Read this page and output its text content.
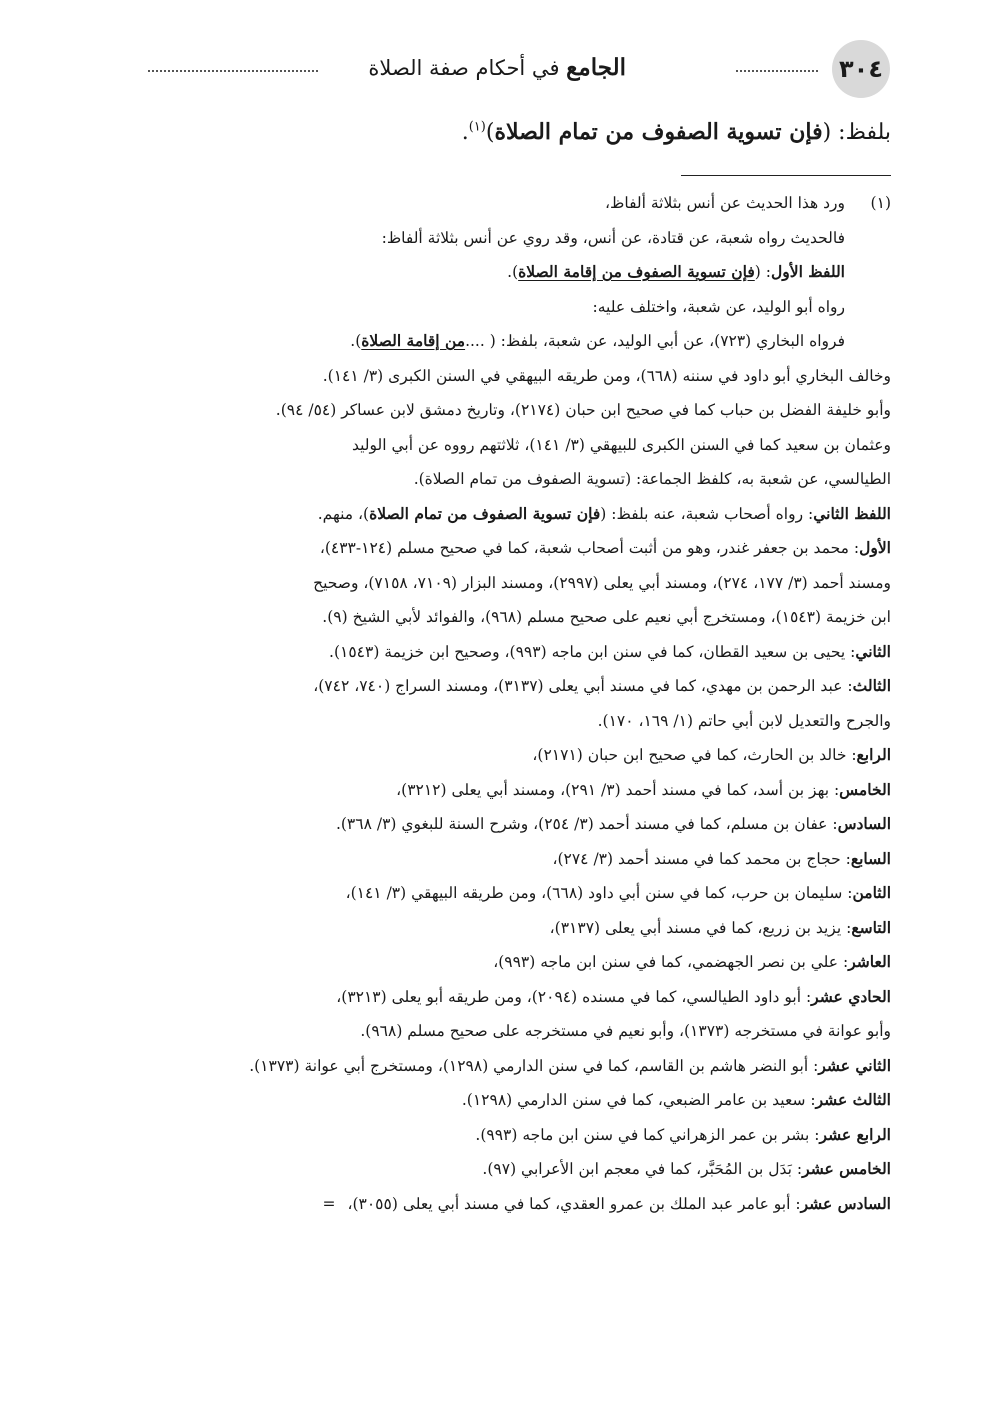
٣٠٤
الجامع في أحكام صفة الصلاة
بلفظ: (فإن تسوية الصفوف من تمام الصلاة)$^{(١)}$.
(١)ورد هذا الحديث عن أنس بثلاثة ألفاظ،
فالحديث رواه شعبة، عن قتادة، عن أنس، وقد روي عن أنس بثلاثة ألفاظ:
اللفظ الأول: (فإن تسوية الصفوف من إقامة الصلاة).
رواه أبو الوليد، عن شعبة، واختلف عليه:
فرواه البخاري (٧٢٣)، عن أبي الوليد، عن شعبة، بلفظ: ( ....من إقامة الصلاة).
وخالف البخاري أبو داود في سننه (٦٦٨)، ومن طريقه البيهقي في السنن الكبرى (٣/ ١٤١).
وأبو خليفة الفضل بن حباب كما في صحيح ابن حبان (٢١٧٤)، وتاريخ دمشق لابن عساكر (٥٤/ ٩٤).
وعثمان بن سعيد كما في السنن الكبرى للبيهقي (٣/ ١٤١)، ثلاثتهم رووه عن أبي الوليد
الطيالسي، عن شعبة به، كلفظ الجماعة: (تسوية الصفوف من تمام الصلاة).
اللفظ الثاني: رواه أصحاب شعبة، عنه بلفظ: (فإن تسوية الصفوف من تمام الصلاة)، منهم.
الأول: محمد بن جعفر غندر، وهو من أثبت أصحاب شعبة، كما في صحيح مسلم (١٢٤-٤٣٣)،
ومسند أحمد (٣/ ١٧٧، ٢٧٤)، ومسند أبي يعلى (٢٩٩٧)، ومسند البزار (٧١٠٩، ٧١٥٨)، وصحيح
ابن خزيمة (١٥٤٣)، ومستخرج أبي نعيم على صحيح مسلم (٩٦٨)، والفوائد لأبي الشيخ (٩).
الثاني: يحيى بن سعيد القطان، كما في سنن ابن ماجه (٩٩٣)، وصحيح ابن خزيمة (١٥٤٣).
الثالث: عبد الرحمن بن مهدي، كما في مسند أبي يعلى (٣١٣٧)، ومسند السراج (٧٤٠، ٧٤٢)،
والجرح والتعديل لابن أبي حاتم (١/ ١٦٩، ١٧٠).
الرابع: خالد بن الحارث، كما في صحيح ابن حبان (٢١٧١)،
الخامس: بهز بن أسد، كما في مسند أحمد (٣/ ٢٩١)، ومسند أبي يعلى (٣٢١٢)،
السادس: عفان بن مسلم، كما في مسند أحمد (٣/ ٢٥٤)، وشرح السنة للبغوي (٣/ ٣٦٨).
السابع: حجاج بن محمد كما في مسند أحمد (٣/ ٢٧٤)،
الثامن: سليمان بن حرب، كما في سنن أبي داود (٦٦٨)، ومن طريقه البيهقي (٣/ ١٤١)،
التاسع: يزيد بن زريع، كما في مسند أبي يعلى (٣١٣٧)،
العاشر: علي بن نصر الجهضمي، كما في سنن ابن ماجه (٩٩٣)،
الحادي عشر: أبو داود الطيالسي، كما في مسنده (٢٠٩٤)، ومن طريقه أبو يعلى (٣٢١٣)،
وأبو عوانة في مستخرجه (١٣٧٣)، وأبو نعيم في مستخرجه على صحيح مسلم (٩٦٨).
الثاني عشر: أبو النضر هاشم بن القاسم، كما في سنن الدارمي (١٢٩٨)، ومستخرج أبي عوانة (١٣٧٣).
الثالث عشر: سعيد بن عامر الضبعي، كما في سنن الدارمي (١٢٩٨).
الرابع عشر: بشر بن عمر الزهراني كما في سنن ابن ماجه (٩٩٣).
الخامس عشر: بَدَل بن المُحَبَّر، كما في معجم ابن الأعرابي (٩٧).
السادس عشر: أبو عامر عبد الملك بن عمرو العقدي، كما في مسند أبي يعلى (٣٠٥٥)،=
